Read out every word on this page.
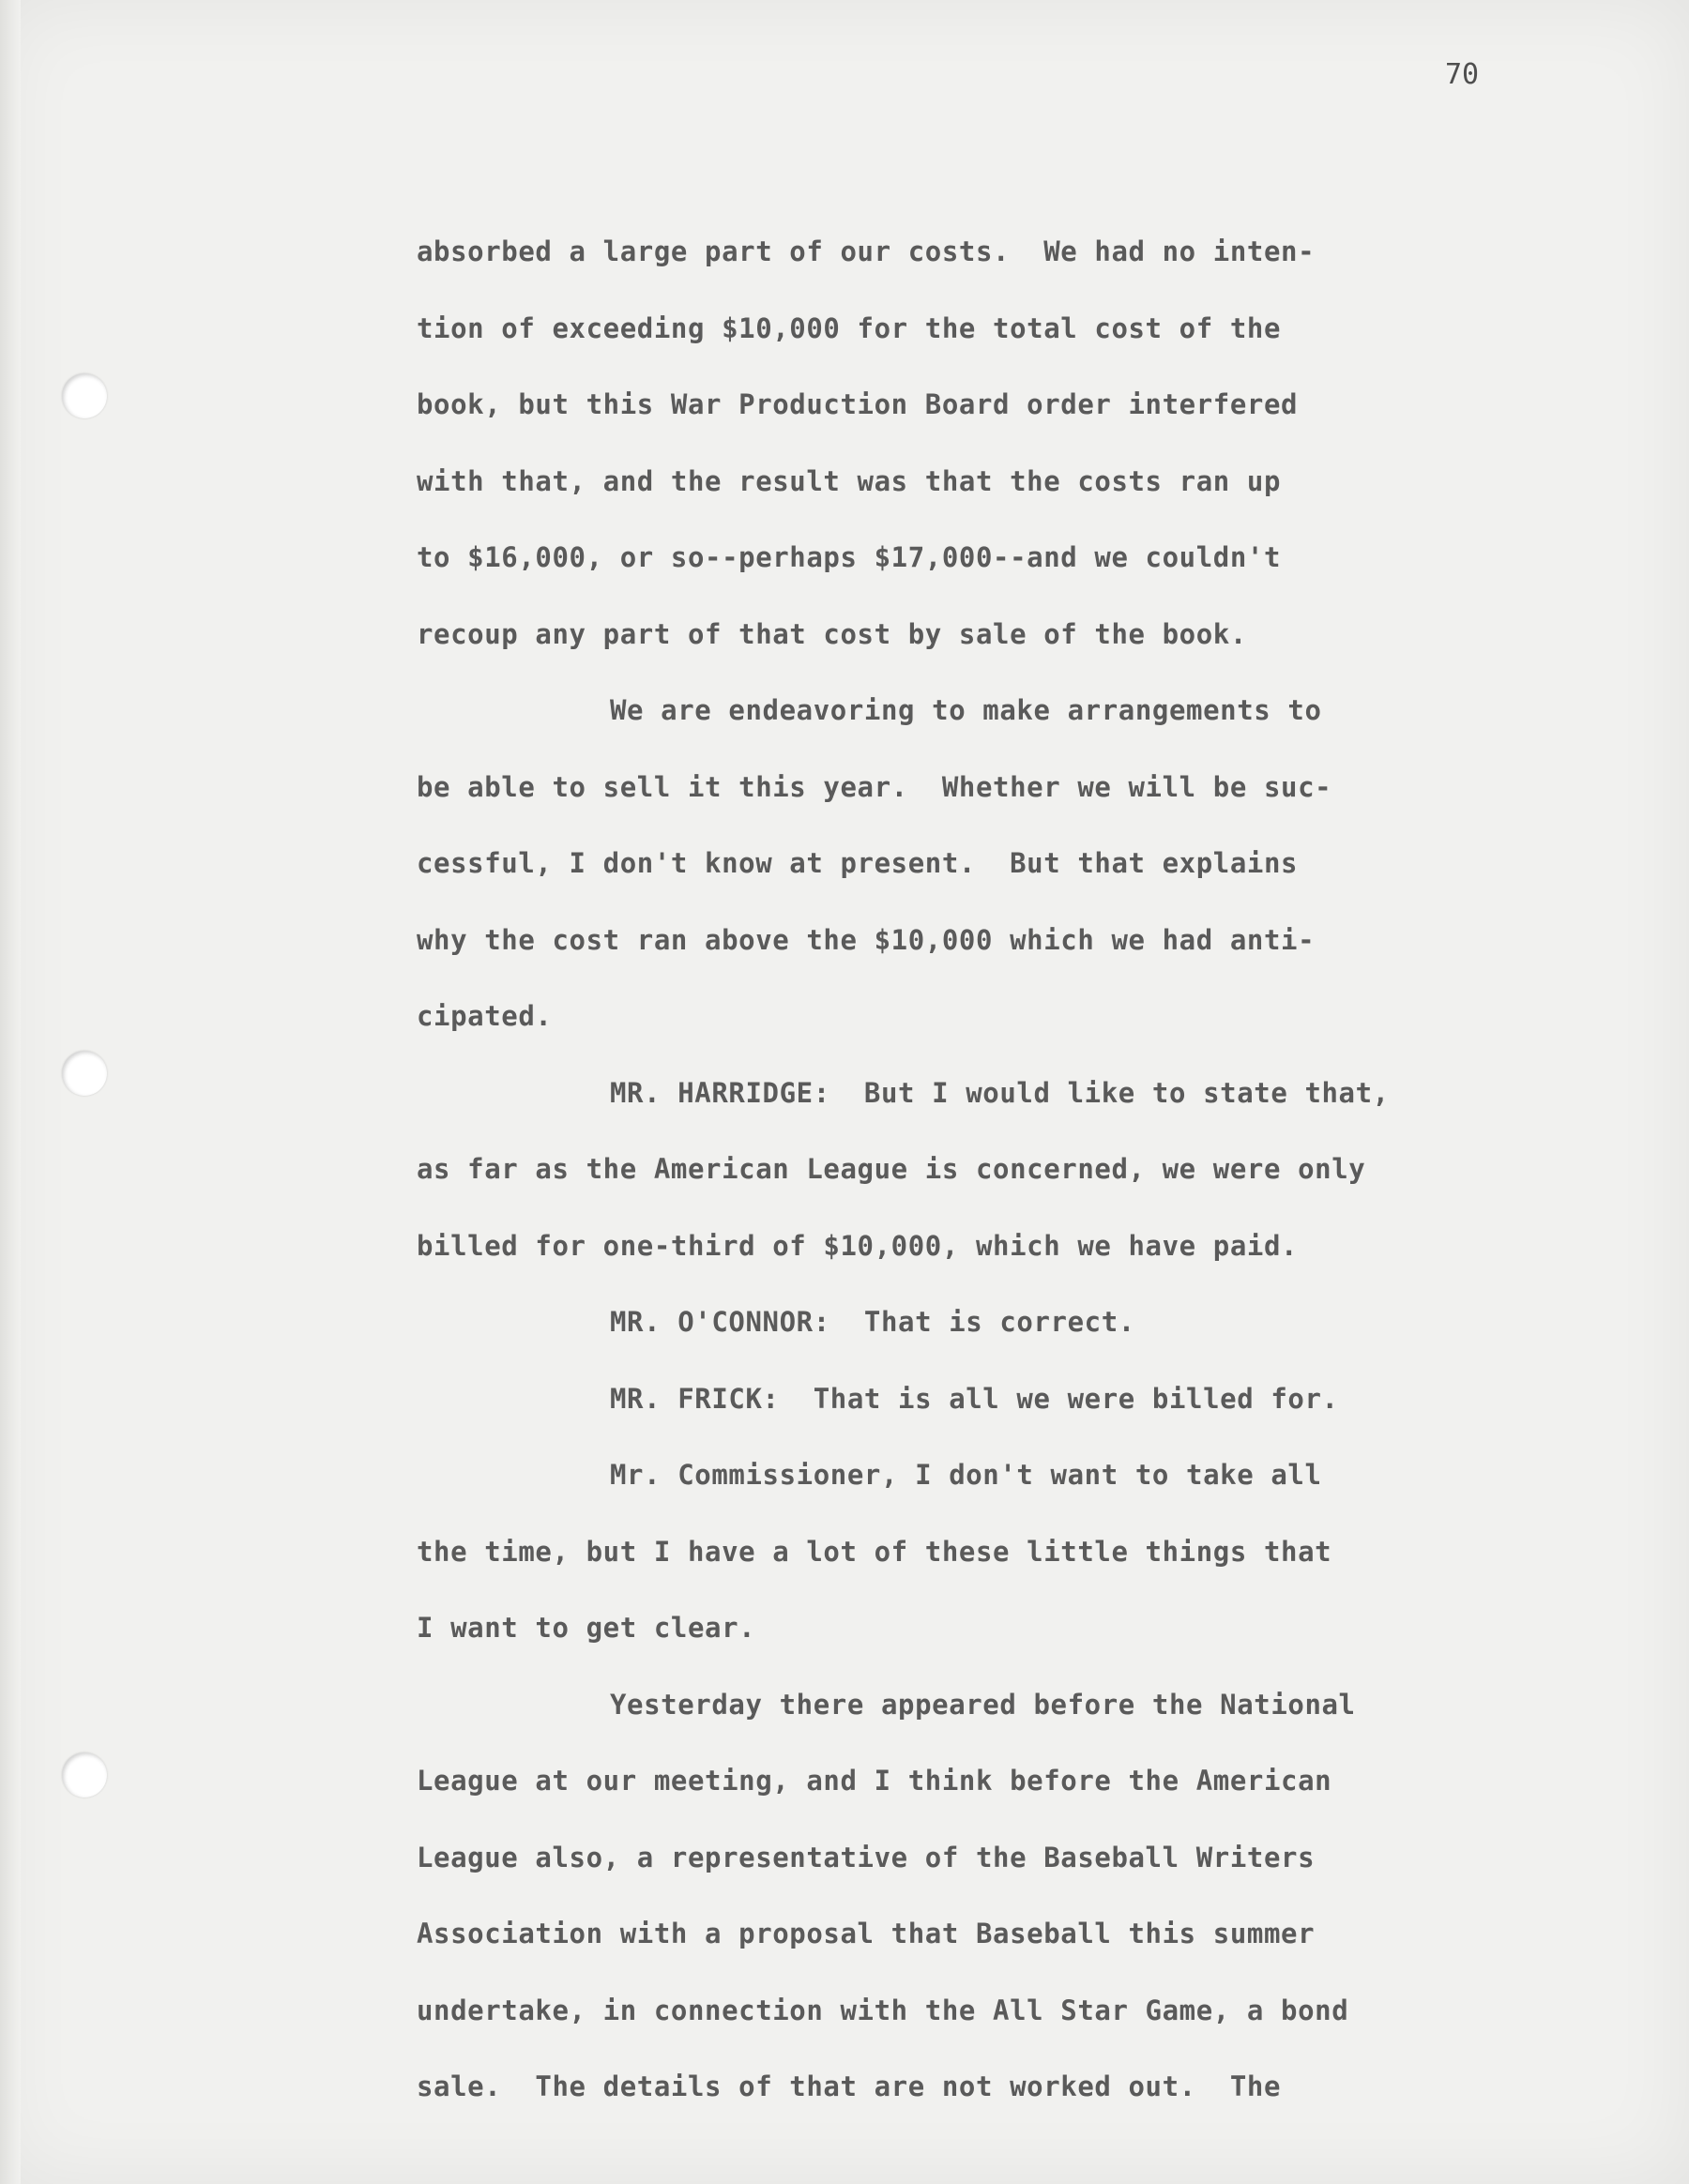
70
absorbed a large part of our costs.  We had no inten-
tion of exceeding $10,000 for the total cost of the
book, but this War Production Board order interfered
with that, and the result was that the costs ran up
to $16,000, or so--perhaps $17,000--and we couldn't
recoup any part of that cost by sale of the book.
We are endeavoring to make arrangements to
be able to sell it this year.  Whether we will be suc-
cessful, I don't know at present.  But that explains
why the cost ran above the $10,000 which we had anti-
cipated.
MR. HARRIDGE:  But I would like to state that,
as far as the American League is concerned, we were only
billed for one-third of $10,000, which we have paid.
MR. O'CONNOR:  That is correct.
MR. FRICK:  That is all we were billed for.
Mr. Commissioner, I don't want to take all
the time, but I have a lot of these little things that
I want to get clear.
Yesterday there appeared before the National
League at our meeting, and I think before the American
League also, a representative of the Baseball Writers
Association with a proposal that Baseball this summer
undertake, in connection with the All Star Game, a bond
sale.  The details of that are not worked out.  The
